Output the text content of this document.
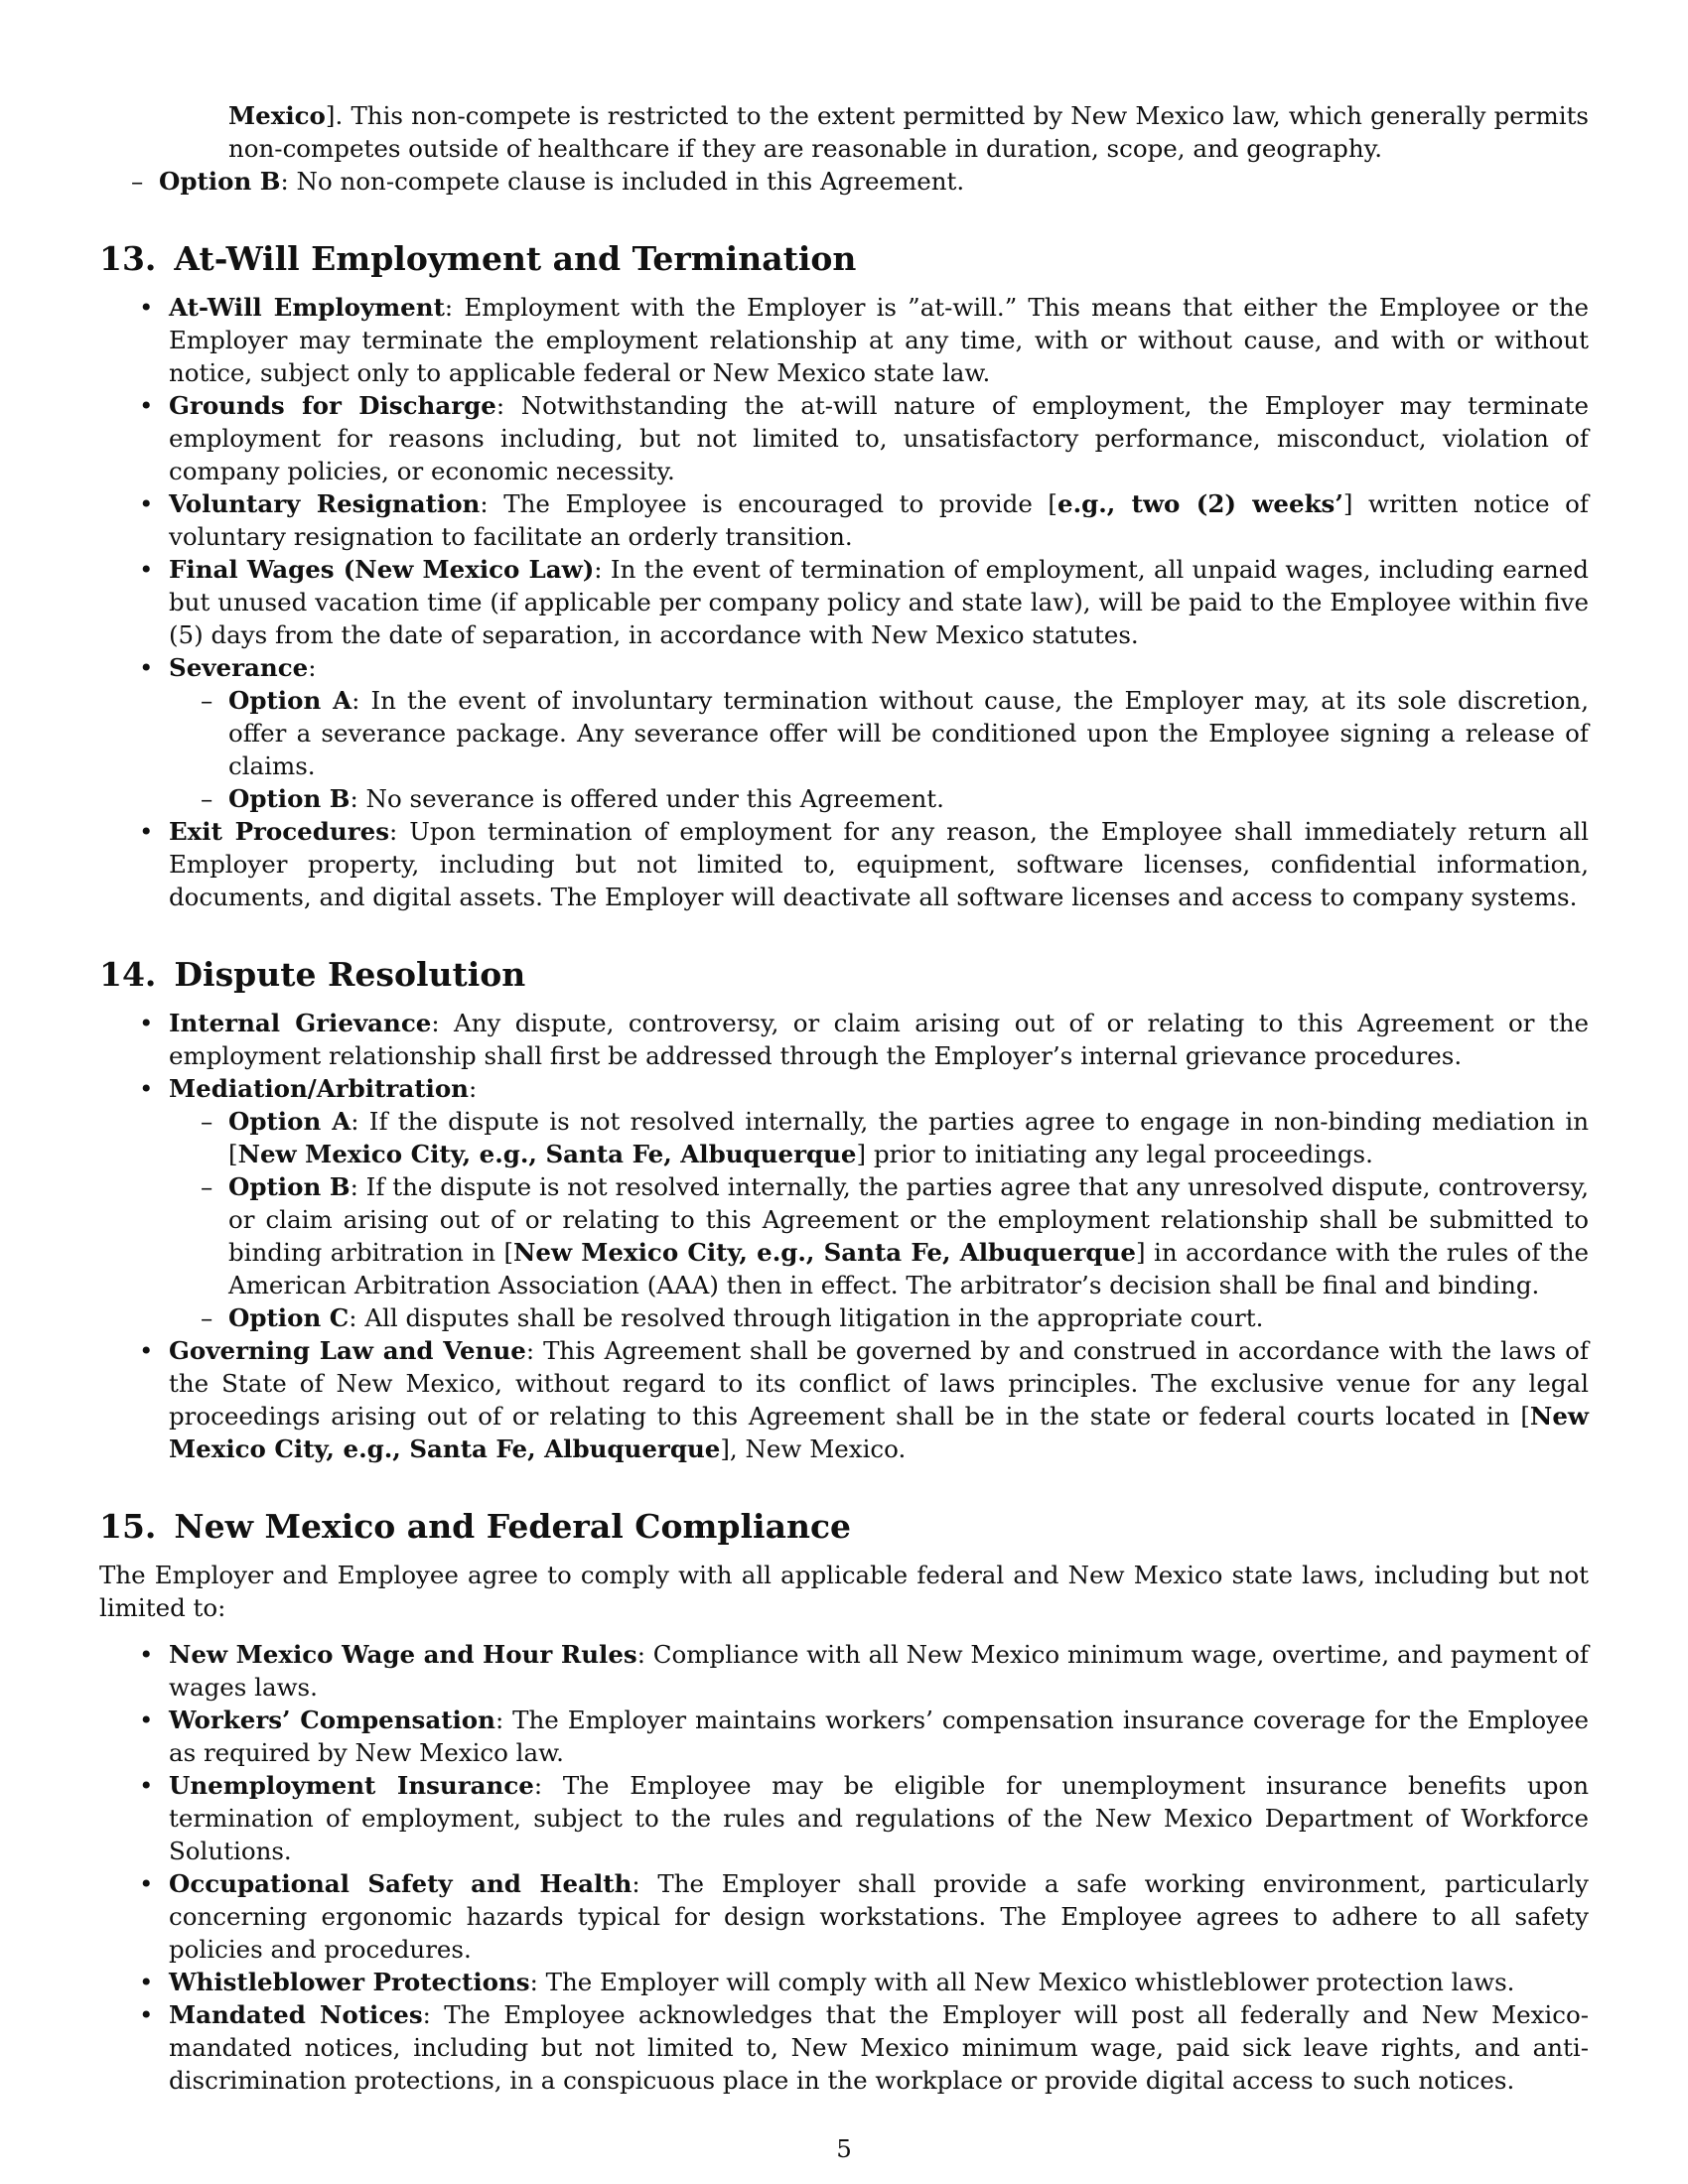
Mexico]. This non-compete is restricted to the extent permitted by New Mexico law, which generally permits non-competes outside of healthcare if they are reasonable in duration, scope, and geography.
– Option B: No non-compete clause is included in this Agreement.
13. At-Will Employment and Termination
• At-Will Employment: Employment with the Employer is ”at-will.” This means that either the Employee or the Employer may terminate the employment relationship at any time, with or without cause, and with or without notice, subject only to applicable federal or New Mexico state law.
• Grounds for Discharge: Notwithstanding the at-will nature of employment, the Employer may terminate employment for reasons including, but not limited to, unsatisfactory performance, misconduct, violation of company policies, or economic necessity.
• Voluntary Resignation: The Employee is encouraged to provide [e.g., two (2) weeks’] written notice of voluntary resignation to facilitate an orderly transition.
• Final Wages (New Mexico Law): In the event of termination of employment, all unpaid wages, including earned but unused vacation time (if applicable per company policy and state law), will be paid to the Employee within five (5) days from the date of separation, in accordance with New Mexico statutes.
• Severance:
– Option A: In the event of involuntary termination without cause, the Employer may, at its sole discretion, offer a severance package. Any severance offer will be conditioned upon the Employee signing a release of claims.
– Option B: No severance is offered under this Agreement.
• Exit Procedures: Upon termination of employment for any reason, the Employee shall immediately return all Employer property, including but not limited to, equipment, software licenses, confidential information, documents, and digital assets. The Employer will deactivate all software licenses and access to company systems.
14. Dispute Resolution
• Internal Grievance: Any dispute, controversy, or claim arising out of or relating to this Agreement or the employment relationship shall first be addressed through the Employer’s internal grievance procedures.
• Mediation/Arbitration:
– Option A: If the dispute is not resolved internally, the parties agree to engage in non-binding mediation in [New Mexico City, e.g., Santa Fe, Albuquerque] prior to initiating any legal proceedings.
– Option B: If the dispute is not resolved internally, the parties agree that any unresolved dispute, controversy, or claim arising out of or relating to this Agreement or the employment relationship shall be submitted to binding arbitration in [New Mexico City, e.g., Santa Fe, Albuquerque] in accordance with the rules of the American Arbitration Association (AAA) then in effect. The arbitrator’s decision shall be final and binding.
– Option C: All disputes shall be resolved through litigation in the appropriate court.
• Governing Law and Venue: This Agreement shall be governed by and construed in accordance with the laws of the State of New Mexico, without regard to its conflict of laws principles. The exclusive venue for any legal proceedings arising out of or relating to this Agreement shall be in the state or federal courts located in [New Mexico City, e.g., Santa Fe, Albuquerque], New Mexico.
15. New Mexico and Federal Compliance

The Employer and Employee agree to comply with all applicable federal and New Mexico state laws, including but not limited to:

• New Mexico Wage and Hour Rules: Compliance with all New Mexico minimum wage, overtime, and payment of wages laws.
• Workers’ Compensation: The Employer maintains workers’ compensation insurance coverage for the Employee as required by New Mexico law.
• Unemployment Insurance: The Employee may be eligible for unemployment insurance benefits upon termination of employment, subject to the rules and regulations of the New Mexico Department of Workforce Solutions.
• Occupational Safety and Health: The Employer shall provide a safe working environment, particularly concerning ergonomic hazards typical for design workstations. The Employee agrees to adhere to all safety policies and procedures.
• Whistleblower Protections: The Employer will comply with all New Mexico whistleblower protection laws.
• Mandated Notices: The Employee acknowledges that the Employer will post all federally and New Mexico-mandated notices, including but not limited to, New Mexico minimum wage, paid sick leave rights, and anti-discrimination protections, in a conspicuous place in the workplace or provide digital access to such notices.
5
